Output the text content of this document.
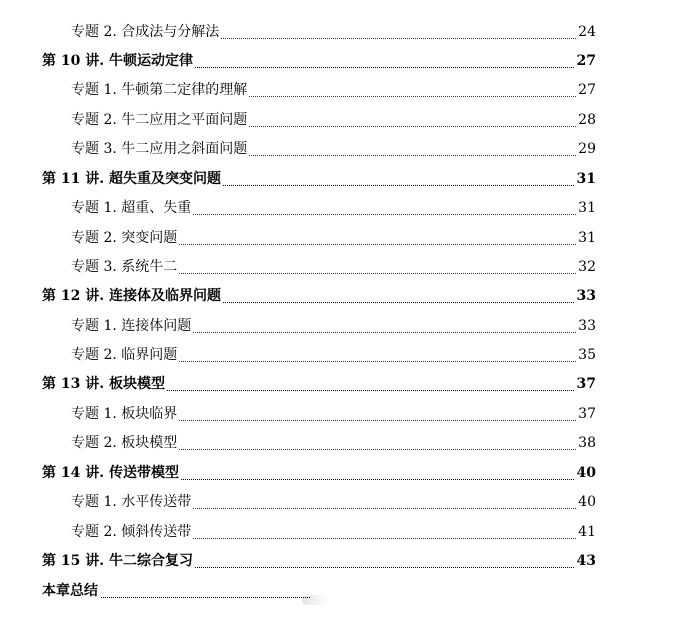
专题 2. 合成法与分解法	24
第 10 讲. 牛顿运动定律	27
专题 1. 牛顿第二定律的理解	27
专题 2. 牛二应用之平面问题	28
专题 3. 牛二应用之斜面问题	29
第 11 讲. 超失重及突变问题	31
专题 1. 超重、失重	31
专题 2. 突变问题	31
专题 3. 系统牛二	32
第 12 讲. 连接体及临界问题	33
专题 1. 连接体问题	33
专题 2. 临界问题	35
第 13 讲. 板块模型	37
专题 1. 板块临界	37
专题 2. 板块模型	38
第 14 讲. 传送带模型	40
专题 1. 水平传送带	40
专题 2. 倾斜传送带	41
第 15 讲. 牛二综合复习	43
本章总结
